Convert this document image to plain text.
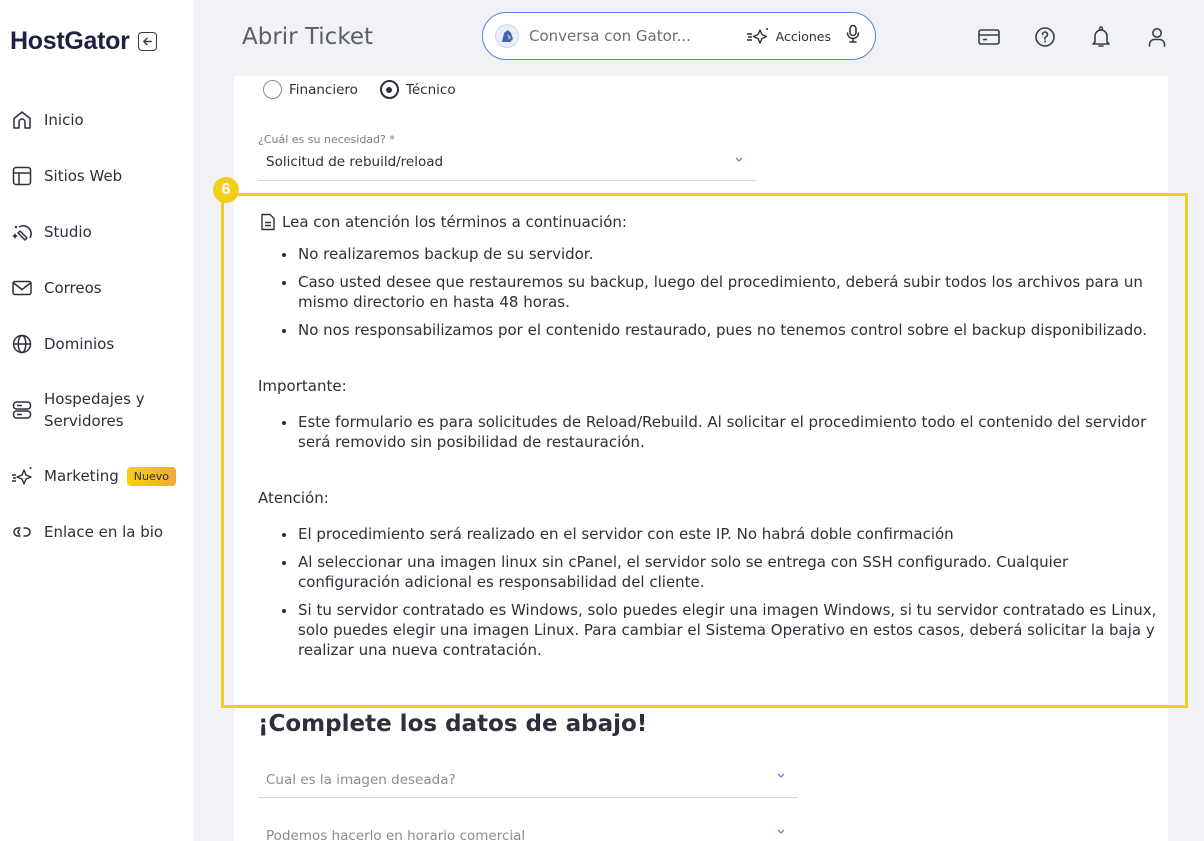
HostGator
Inicio
Sitios Web
Studio
Correos
Dominios
Hospedajes y Servidores
Marketing	Nuevo
Enlace en la bio
Abrir Ticket	Conversa con Gator...	Acciones
Financiero	Técnico
¿Cuál es su necesidad? *
Solicitud de rebuild/reload
Lea con atención los términos a continuación:
No realizaremos backup de su servidor.
Caso usted desee que restauremos su backup, luego del procedimiento, deberá subir todos los archivos para un mismo directorio en hasta 48 horas.
No nos responsabilizamos por el contenido restaurado, pues no tenemos control sobre el backup disponibilizado.
Importante:
Este formulario es para solicitudes de Reload/Rebuild. Al solicitar el procedimiento todo el contenido del servidor será removido sin posibilidad de restauración.
Atención:
El procedimiento será realizado en el servidor con este IP. No habrá doble confirmación
Al seleccionar una imagen linux sin cPanel, el servidor solo se entrega con SSH configurado. Cualquier configuración adicional es responsabilidad del cliente.
Si tu servidor contratado es Windows, solo puedes elegir una imagen Windows, si tu servidor contratado es Linux, solo puedes elegir una imagen Linux. Para cambiar el Sistema Operativo en estos casos, deberá solicitar la baja y realizar una nueva contratación.
6
¡Complete los datos de abajo!
Cual es la imagen deseada?
Podemos hacerlo en horario comercial
